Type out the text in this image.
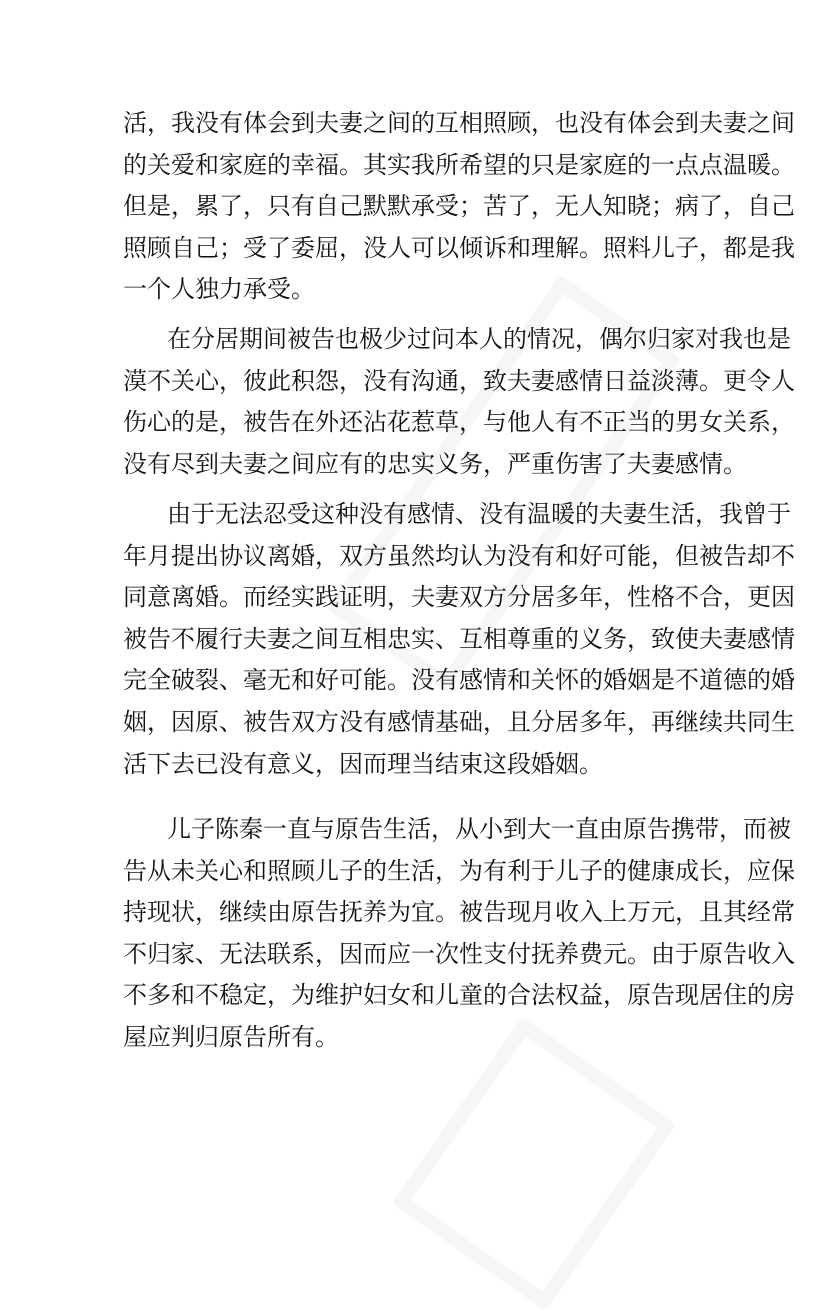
活，我没有体会到夫妻之间的互相照顾，也没有体会到夫妻之间
的关爱和家庭的幸福。其实我所希望的只是家庭的一点点温暖。
但是，累了，只有自己默默承受；苦了，无人知晓；病了，自己
照顾自己；受了委屈，没人可以倾诉和理解。照料儿子，都是我
一个人独力承受。
在分居期间被告也极少过问本人的情况，偶尔归家对我也是
漠不关心，彼此积怨，没有沟通，致夫妻感情日益淡薄。更令人
伤心的是，被告在外还沾花惹草，与他人有不正当的男女关系，
没有尽到夫妻之间应有的忠实义务，严重伤害了夫妻感情。
由于无法忍受这种没有感情、没有温暖的夫妻生活，我曾于
年月提出协议离婚，双方虽然均认为没有和好可能，但被告却不
同意离婚。而经实践证明，夫妻双方分居多年，性格不合，更因
被告不履行夫妻之间互相忠实、互相尊重的义务，致使夫妻感情
完全破裂、毫无和好可能。没有感情和关怀的婚姻是不道德的婚
姻，因原、被告双方没有感情基础，且分居多年，再继续共同生
活下去已没有意义，因而理当结束这段婚姻。
儿子陈秦一直与原告生活，从小到大一直由原告携带，而被
告从未关心和照顾儿子的生活，为有利于儿子的健康成长，应保
持现状，继续由原告抚养为宜。被告现月收入上万元，且其经常
不归家、无法联系，因而应一次性支付抚养费元。由于原告收入
不多和不稳定，为维护妇女和儿童的合法权益，原告现居住的房
屋应判归原告所有。
